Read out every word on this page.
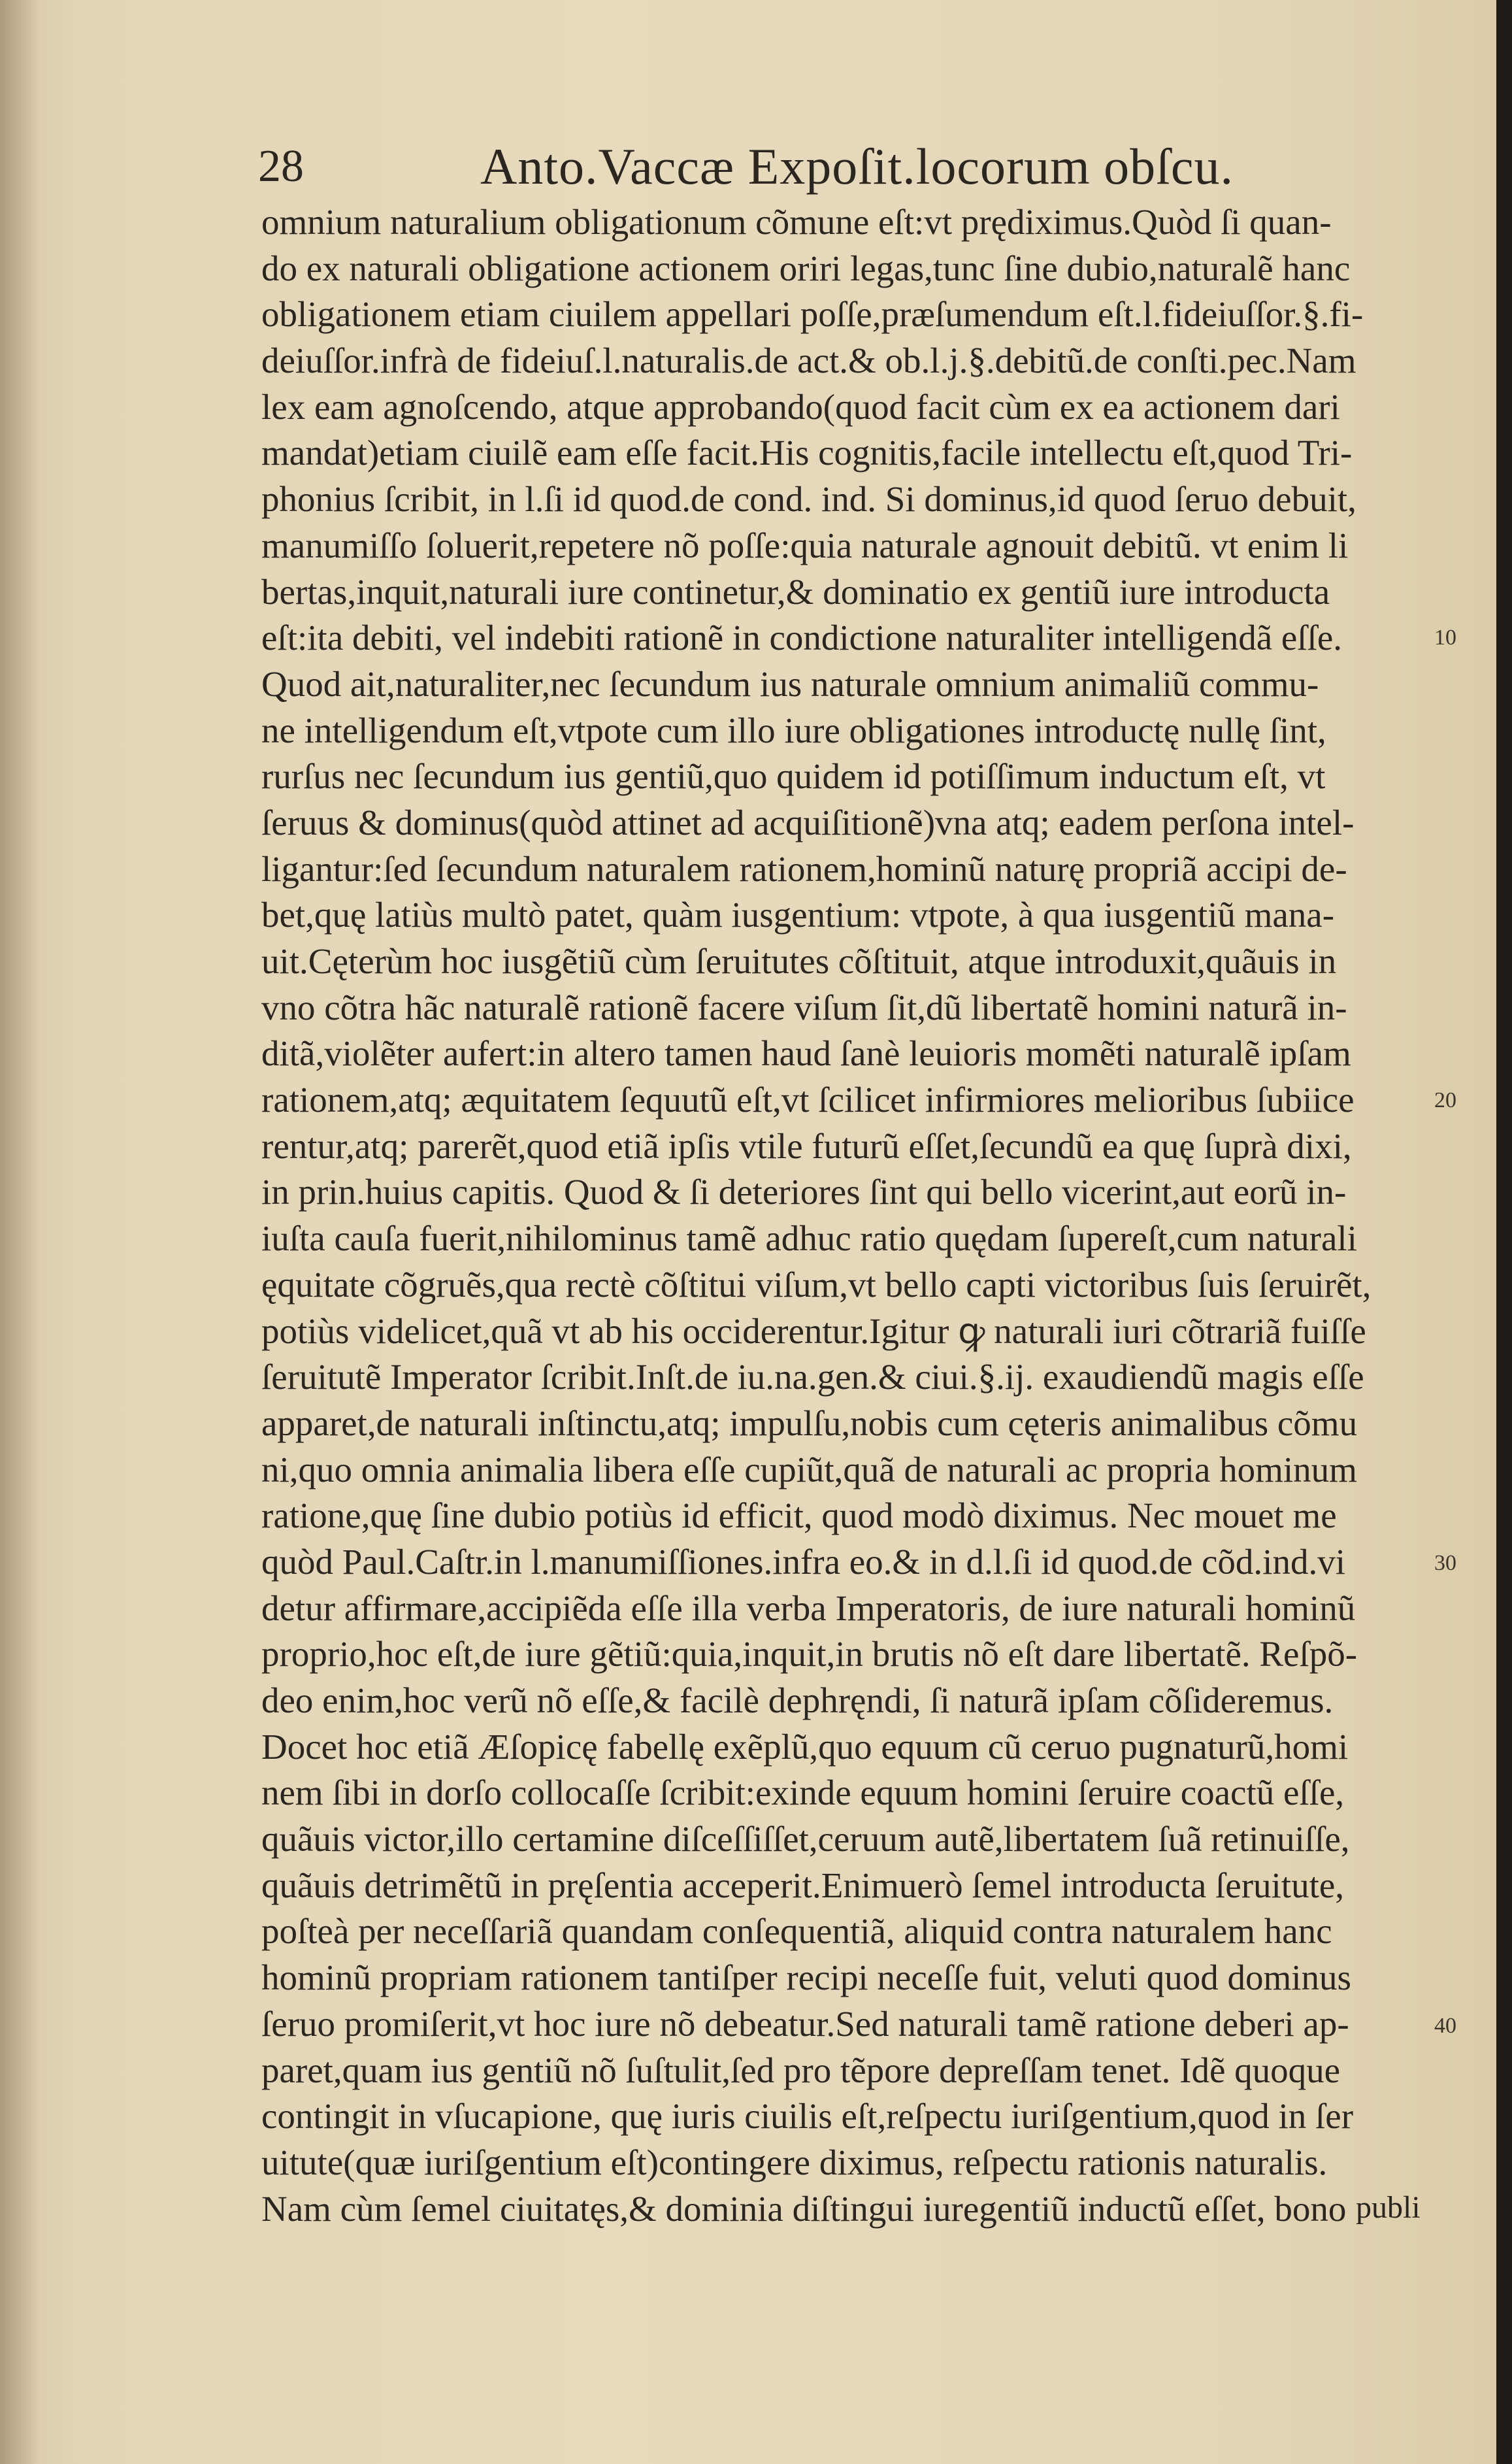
28	Anto.Vaccæ Expoſit.locorum obſcu.
omnium naturalium obligationum cõmune eſt:vt prędiximus.Quòd ſi quan-
do ex naturali obligatione actionem oriri legas,tunc ſine dubio,naturalẽ hanc
obligationem etiam ciuilem appellari poſſe,præſumendum eſt.l.fideiuſſor.§.fi-
deiuſſor.infrà de fideiuſ.l.naturalis.de act.& ob.l.j.§.debitũ.de conſti.pec.Nam
lex eam agnoſcendo, atque approbando(quod facit cùm ex ea actionem dari
mandat)etiam ciuilẽ eam eſſe facit.His cognitis,facile intellectu eſt,quod Tri-
phonius ſcribit, in l.ſi id quod.de cond. ind. Si dominus,id quod ſeruo debuit,
manumiſſo ſoluerit,repetere nõ poſſe:quia naturale agnouit debitũ. vt enim li
bertas,inquit,naturali iure continetur,& dominatio ex gentiũ iure introducta
eſt:ita debiti, vel indebiti rationẽ in condictione naturaliter intelligendã eſſe.
Quod ait,naturaliter,nec ſecundum ius naturale omnium animaliũ commu-
ne intelligendum eſt,vtpote cum illo iure obligationes introductę nullę ſint,
rurſus nec ſecundum ius gentiũ,quo quidem id potiſſimum inductum eſt, vt
ſeruus & dominus(quòd attinet ad acquiſitionẽ)vna atq; eadem perſona intel-
ligantur:ſed ſecundum naturalem rationem,hominũ naturę propriã accipi de-
bet,quę latiùs multò patet, quàm iusgentium: vtpote, à qua iusgentiũ mana-
uit.Cęterùm hoc iusgẽtiũ cùm ſeruitutes cõſtituit, atque introduxit,quãuis in
vno cõtra hãc naturalẽ rationẽ facere viſum ſit,dũ libertatẽ homini naturã in-
ditã,violẽter aufert:in altero tamen haud ſanè leuioris momẽti naturalẽ ipſam
rationem,atq; æquitatem ſequutũ eſt,vt ſcilicet infirmiores melioribus ſubiice
rentur,atq; parerẽt,quod etiã ipſis vtile futurũ eſſet,ſecundũ ea quę ſuprà dixi,
in prin.huius capitis. Quod & ſi deteriores ſint qui bello vicerint,aut eorũ in-
iuſta cauſa fuerit,nihilominus tamẽ adhuc ratio quędam ſupereſt,cum naturali
ęquitate cõgruẽs,qua rectè cõſtitui viſum,vt bello capti victoribus ſuis ſeruirẽt,
potiùs videlicet,quã vt ab his occiderentur.Igitur ꝙ naturali iuri cõtrariã fuiſſe
ſeruitutẽ Imperator ſcribit.Inſt.de iu.na.gen.& ciui.§.ij. exaudiendũ magis eſſe
apparet,de naturali inſtinctu,atq; impulſu,nobis cum cęteris animalibus cõmu
ni,quo omnia animalia libera eſſe cupiũt,quã de naturali ac propria hominum
ratione,quę ſine dubio potiùs id efficit, quod modò diximus. Nec mouet me
quòd Paul.Caſtr.in l.manumiſſiones.infra eo.& in d.l.ſi id quod.de cõd.ind.vi
detur affirmare,accipiẽda eſſe illa verba Imperatoris, de iure naturali hominũ
proprio,hoc eſt,de iure gẽtiũ:quia,inquit,in brutis nõ eſt dare libertatẽ. Reſpõ-
deo enim,hoc verũ nõ eſſe,& facilè dephręndi, ſi naturã ipſam cõſideremus.
Docet hoc etiã Æſopicę fabellę exẽplũ,quo equum cũ ceruo pugnaturũ,homi
nem ſibi in dorſo collocaſſe ſcribit:exinde equum homini ſeruire coactũ eſſe,
quãuis victor,illo certamine diſceſſiſſet,ceruum autẽ,libertatem ſuã retinuiſſe,
quãuis detrimẽtũ in pręſentia acceperit.Enimuerò ſemel introducta ſeruitute,
poſteà per neceſſariã quandam conſequentiã, aliquid contra naturalem hanc
hominũ propriam rationem tantiſper recipi neceſſe fuit, veluti quod dominus
ſeruo promiſerit,vt hoc iure nõ debeatur.Sed naturali tamẽ ratione deberi ap-
paret,quam ius gentiũ nõ ſuſtulit,ſed pro tẽpore depreſſam tenet. Idẽ quoque
contingit in vſucapione, quę iuris ciuilis eſt,reſpectu iuriſgentium,quod in ſer
uitute(quæ iuriſgentium eſt)contingere diximus, reſpectu rationis naturalis.
Nam cùm ſemel ciuitatęs,& dominia diſtingui iuregentiũ inductũ eſſet, bono
10
20
30
40
publi
